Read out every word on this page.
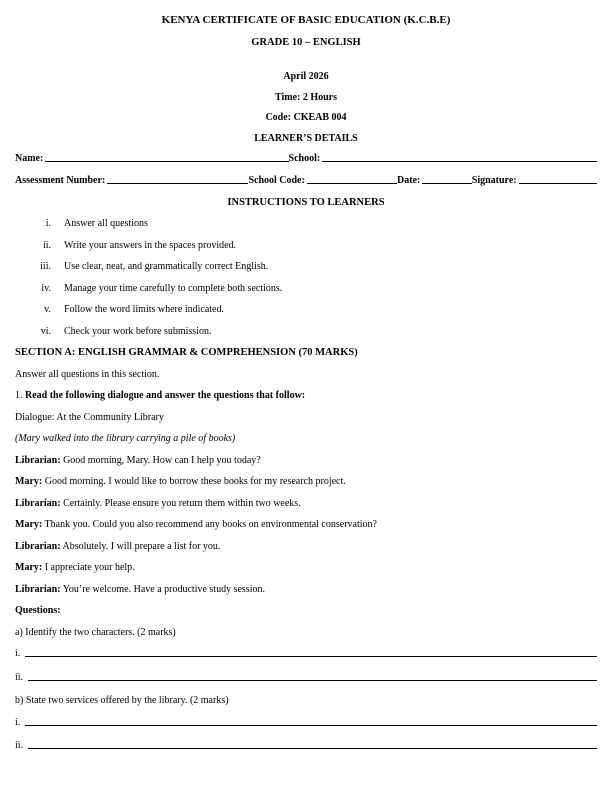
KENYA CERTIFICATE OF BASIC EDUCATION (K.C.B.E)
GRADE 10 – ENGLISH
April 2026
Time: 2 Hours
Code: CKEAB 004
LEARNER’S DETAILS
Name:	School:
Assessment Number:	School Code:	Date:	Signature:
INSTRUCTIONS TO LEARNERS
i. Answer all questions
ii. Write your answers in the spaces provided.
iii. Use clear, neat, and grammatically correct English.
iv. Manage your time carefully to complete both sections.
v. Follow the word limits where indicated.
vi. Check your work before submission.
SECTION A: ENGLISH GRAMMAR & COMPREHENSION (70 MARKS)
Answer all questions in this section.
1. Read the following dialogue and answer the questions that follow:
Dialogue: At the Community Library
(Mary walked into the library carrying a pile of books)
Librarian: Good morning, Mary. How can I help you today?
Mary: Good morning. I would like to borrow these books for my research project.
Librarian: Certainly. Please ensure you return them within two weeks.
Mary: Thank you. Could you also recommend any books on environmental conservation?
Librarian: Absolutely. I will prepare a list for you.
Mary: I appreciate your help.
Librarian: You’re welcome. Have a productive study session.
Questions:
a) Identify the two characters. (2 marks)
i.
ii.
b) State two services offered by the library. (2 marks)
i.
ii.
